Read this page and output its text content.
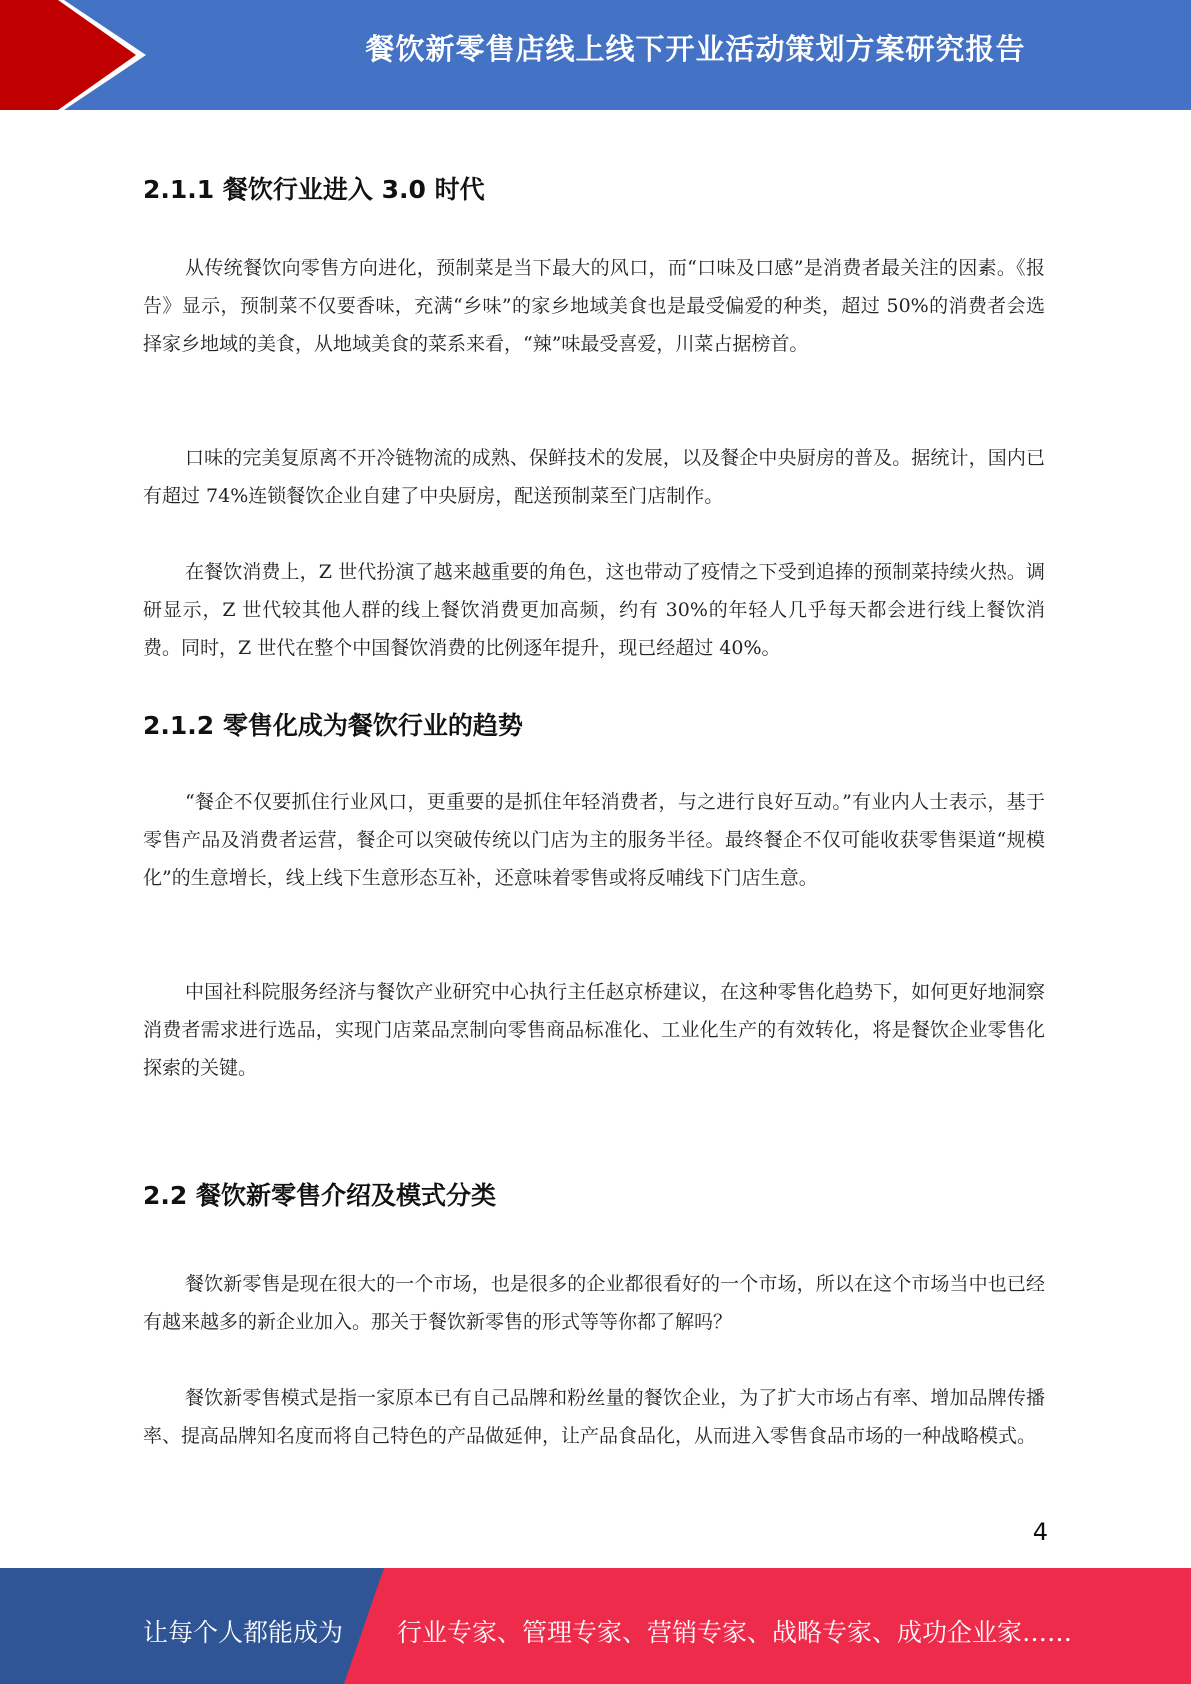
餐饮新零售店线上线下开业活动策划方案研究报告
2.1.1 餐饮行业进入 3.0 时代

从传统餐饮向零售方向进化，预制菜是当下最大的风口，而“口味及口感”是消费者最关注的因素。《报告》显示，预制菜不仅要香味，充满“乡味”的家乡地域美食也是最受偏爱的种类，超过 50%的消费者会选择家乡地域的美食，从地域美食的菜系来看，“辣”味最受喜爱，川菜占据榜首。

口味的完美复原离不开冷链物流的成熟、保鲜技术的发展，以及餐企中央厨房的普及。据统计，国内已有超过 74%连锁餐饮企业自建了中央厨房，配送预制菜至门店制作。

在餐饮消费上，Z 世代扮演了越来越重要的角色，这也带动了疫情之下受到追捧的预制菜持续火热。调研显示，Z 世代较其他人群的线上餐饮消费更加高频，约有 30%的年轻人几乎每天都会进行线上餐饮消费。同时，Z 世代在整个中国餐饮消费的比例逐年提升，现已经超过 40%。

2.1.2 零售化成为餐饮行业的趋势

“餐企不仅要抓住行业风口，更重要的是抓住年轻消费者，与之进行良好互动。”有业内人士表示，基于零售产品及消费者运营，餐企可以突破传统以门店为主的服务半径。最终餐企不仅可能收获零售渠道“规模化”的生意增长，线上线下生意形态互补，还意味着零售或将反哺线下门店生意。

中国社科院服务经济与餐饮产业研究中心执行主任赵京桥建议，在这种零售化趋势下，如何更好地洞察消费者需求进行选品，实现门店菜品烹制向零售商品标准化、工业化生产的有效转化，将是餐饮企业零售化探索的关键。

2.2 餐饮新零售介绍及模式分类

餐饮新零售是现在很大的一个市场，也是很多的企业都很看好的一个市场，所以在这个市场当中也已经有越来越多的新企业加入。那关于餐饮新零售的形式等等你都了解吗？

餐饮新零售模式是指一家原本已有自己品牌和粉丝量的餐饮企业，为了扩大市场占有率、增加品牌传播率、提高品牌知名度而将自己特色的产品做延伸，让产品食品化，从而进入零售食品市场的一种战略模式。

4
让每个人都能成为 行业专家、管理专家、营销专家、战略专家、成功企业家……
